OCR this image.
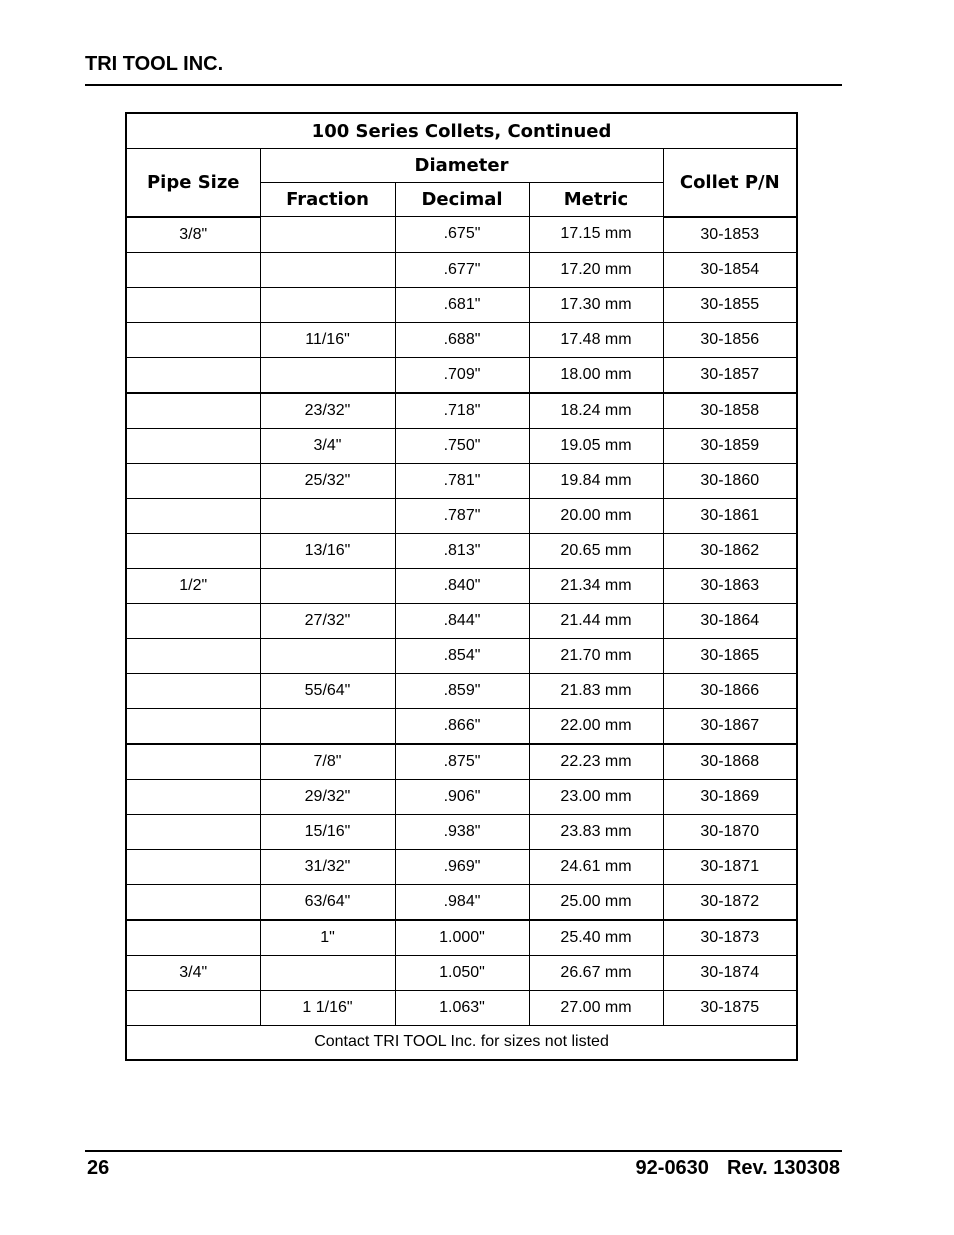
TRI TOOL INC.
100 Series Collets, Continued				
Pipe Size	Diameter			Collet P/N
	Fraction	Decimal	Metric	
3/8"		.675"	17.15 mm	30-1853
		.677"	17.20 mm	30-1854
		.681"	17.30 mm	30-1855
	11/16"	.688"	17.48 mm	30-1856
		.709"	18.00 mm	30-1857
	23/32"	.718"	18.24 mm	30-1858
	3/4"	.750"	19.05 mm	30-1859
	25/32"	.781"	19.84 mm	30-1860
		.787"	20.00 mm	30-1861
	13/16"	.813"	20.65 mm	30-1862
1/2"		.840"	21.34 mm	30-1863
	27/32"	.844"	21.44 mm	30-1864
		.854"	21.70 mm	30-1865
	55/64"	.859"	21.83 mm	30-1866
		.866"	22.00 mm	30-1867
	7/8"	.875"	22.23 mm	30-1868
	29/32"	.906"	23.00 mm	30-1869
	15/16"	.938"	23.83 mm	30-1870
	31/32"	.969"	24.61 mm	30-1871
	63/64"	.984"	25.00 mm	30-1872
	1"	1.000"	25.40 mm	30-1873
3/4"		1.050"	26.67 mm	30-1874
	1 1/16"	1.063"	27.00 mm	30-1875
Contact TRI TOOL Inc. for sizes not listed				
26	92-0630 Rev. 130308
